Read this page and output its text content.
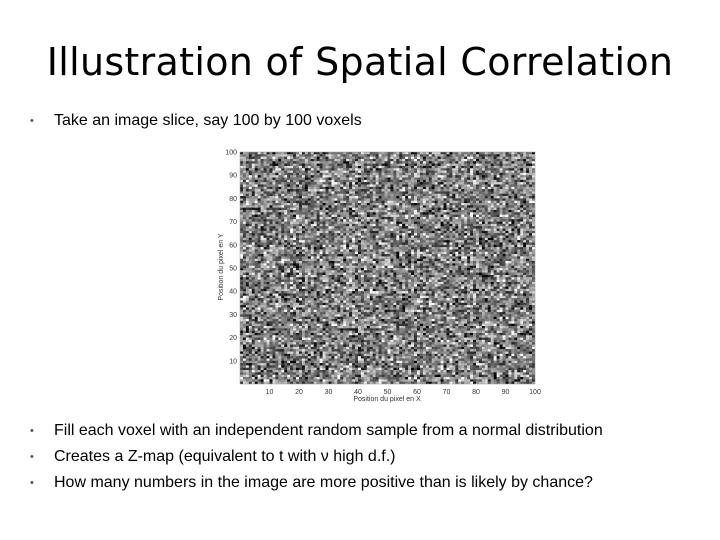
Illustration of Spatial Correlation
• Take an image slice, say 100 by 100 voxels
10	20	30	40	50	60	70	80	90	100
10
20
30
40
50
60
70
80
90
100
Position du pixel en X
Position du pixel en Y
• Fill each voxel with an independent random sample from a normal distribution
• Creates a Z-map (equivalent to t with ν high d.f.)
• How many numbers in the image are more positive than is likely by chance?
